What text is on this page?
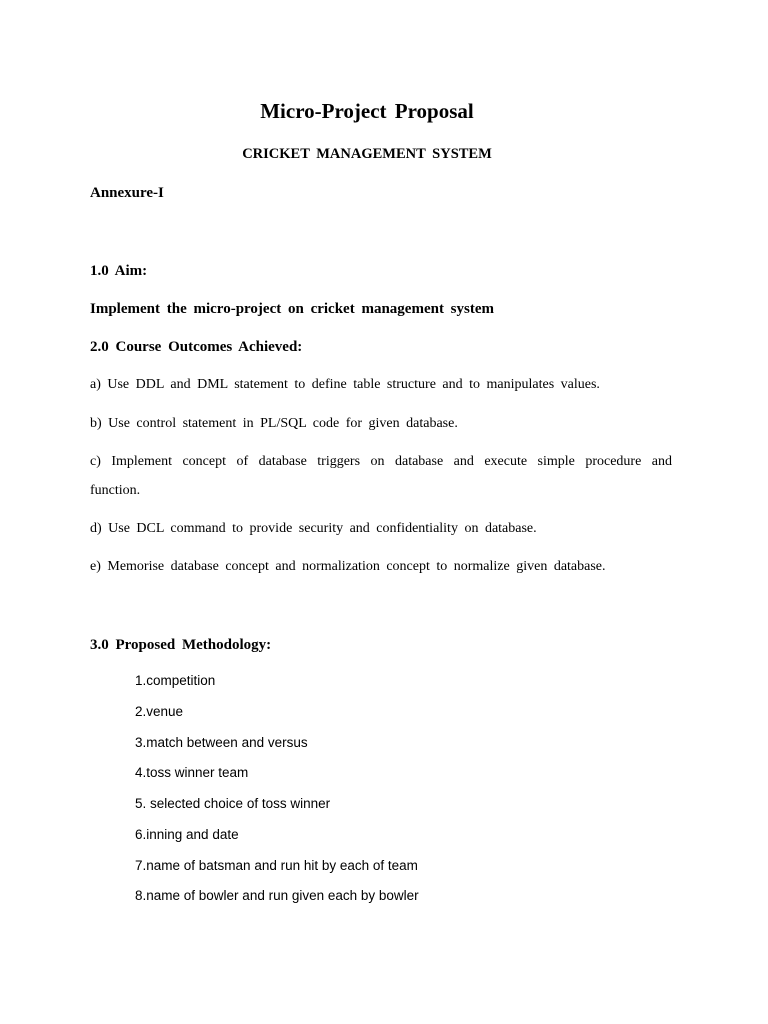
Micro-Project Proposal
CRICKET MANAGEMENT SYSTEM
Annexure-I
1.0 Aim:
Implement the micro-project on cricket management system
2.0 Course Outcomes Achieved:
a) Use DDL and DML statement to define table structure and to manipulates values.
b) Use control statement in PL/SQL code for given database.
c) Implement concept of database triggers on database and execute simple procedure and
function.
d) Use DCL command to provide security and confidentiality on database.
e) Memorise database concept and normalization concept to normalize given database.
3.0 Proposed Methodology:
1.competition
2.venue
3.match between and versus
4.toss winner team
5. selected choice of toss winner
6.inning and date
7.name of batsman and run hit by each of team
8.name of bowler and run given each by bowler
